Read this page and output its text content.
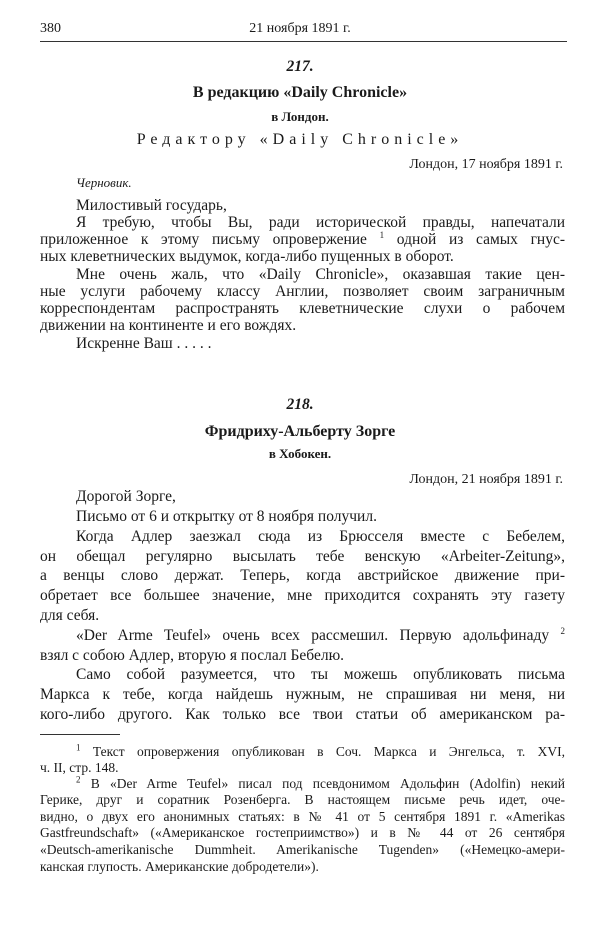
380	21 ноября 1891 г.
217.
В редакцию «Daily Chronicle»
в Лондон.
Редактору «Daily Chronicle»
Лондон, 17 ноября 1891 г.
Черновик.
Милостивый государь,
Я требую, чтобы Вы, ради исторической правды, напечатали
приложенное к этому письму опровержение $^1$ одной из самых гнус-
ных клеветнических выдумок, когда-либо пущенных в оборот.
Мне очень жаль, что «Daily Chronicle», оказавшая такие цен-
ные услуги рабочему классу Англии, позволяет своим заграничным
корреспондентам распространять клеветнические слухи о рабочем
движении на континенте и его вождях.
Искренне Ваш . . . . .
218.
Фридриху-Альберту Зорге
в Хобокен.
Лондон, 21 ноября 1891 г.
Дорогой Зорге,
Письмо от 6 и открытку от 8 ноября получил.
Когда Адлер заезжал сюда из Брюсселя вместе с Бебелем,
он обещал регулярно высылать тебе венскую «Arbeiter-Zeitung»,
а венцы слово держат. Теперь, когда австрийское движение при-
обретает все большее значение, мне приходится сохранять эту газету
для себя.
«Der Arme Teufel» очень всех рассмешил. Первую адольфинаду $^2$
взял с собою Адлер, вторую я послал Бебелю.
Само собой разумеется, что ты можешь опубликовать письма
Маркса к тебе, когда найдешь нужным, не спрашивая ни меня, ни
кого-либо другого. Как только все твои статьи об американском ра-
$^1$ Текст опровержения опубликован в Соч. Маркса и Энгельса, т. XVI,
ч. II, стр. 148.
$^2$ В «Der Arme Teufel» писал под псевдонимом Адольфин (Adolfin) некий
Герике, друг и соратник Розенберга. В настоящем письме речь идет, оче-
видно, о двух его анонимных статьях: в № 41 от 5 сентября 1891 г. «Amerikas
Gastfreundschaft» («Американское гостеприимство») и в № 44 от 26 сентября
«Deutsch-amerikanische Dummheit. Amerikanische Tugenden» («Немецко-амери-
канская глупость. Американские добродетели»).
